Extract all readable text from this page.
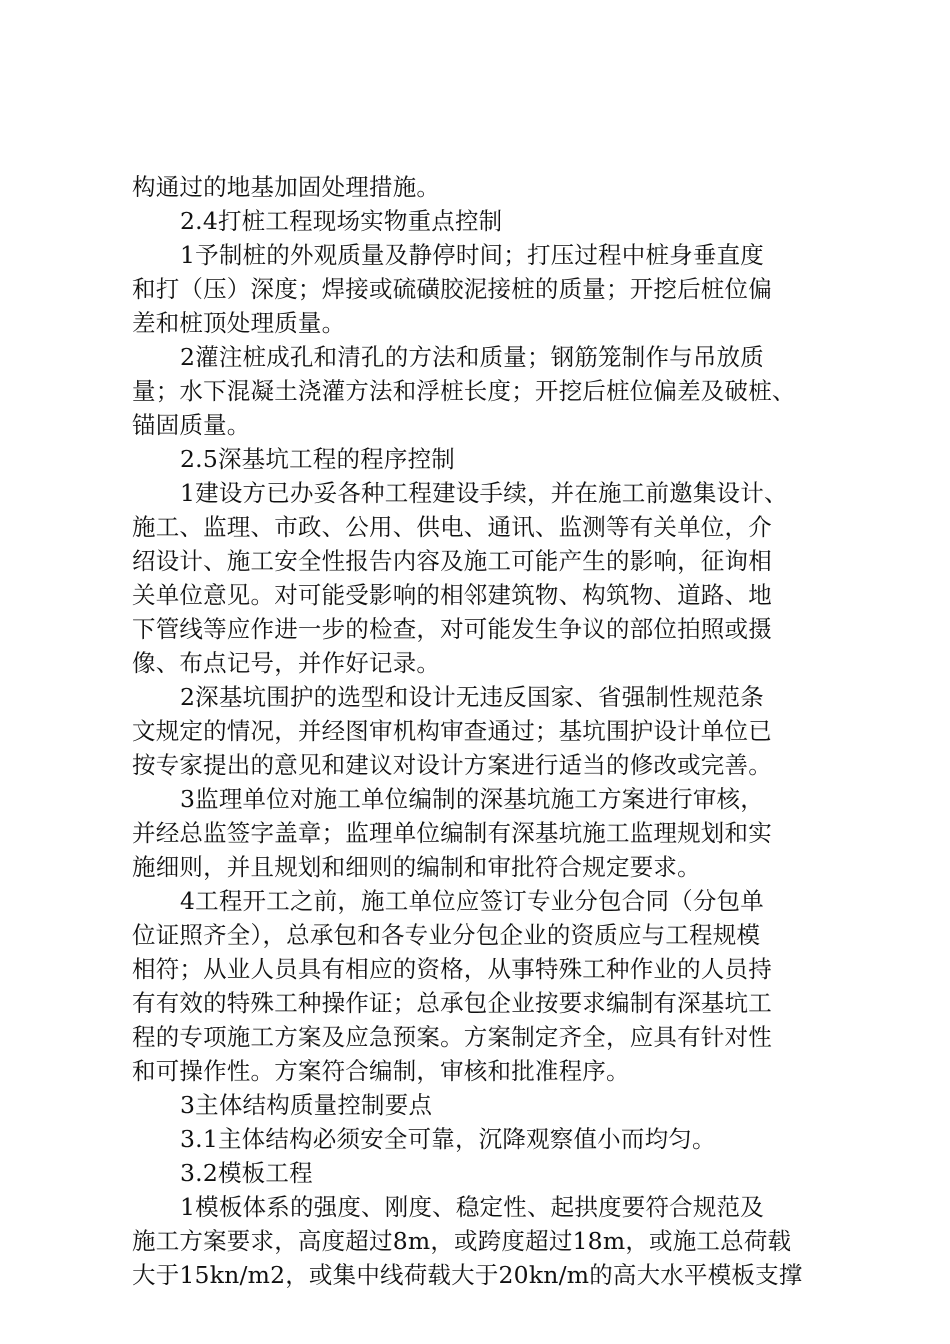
构通过的地基加固处理措施。
2.4打桩工程现场实物重点控制
1予制桩的外观质量及静停时间；打压过程中桩身垂直度
和打（压）深度；焊接或硫磺胶泥接桩的质量；开挖后桩位偏
差和桩顶处理质量。
2灌注桩成孔和清孔的方法和质量；钢筋笼制作与吊放质
量；水下混凝土浇灌方法和浮桩长度；开挖后桩位偏差及破桩、
锚固质量。
2.5深基坑工程的程序控制
1建设方已办妥各种工程建设手续，并在施工前邀集设计、
施工、监理、市政、公用、供电、通讯、监测等有关单位，介
绍设计、施工安全性报告内容及施工可能产生的影响，征询相
关单位意见。对可能受影响的相邻建筑物、构筑物、道路、地
下管线等应作进一步的检查，对可能发生争议的部位拍照或摄
像、布点记号，并作好记录。
2深基坑围护的选型和设计无违反国家、省强制性规范条
文规定的情况，并经图审机构审查通过；基坑围护设计单位已
按专家提出的意见和建议对设计方案进行适当的修改或完善。
3监理单位对施工单位编制的深基坑施工方案进行审核，
并经总监签字盖章；监理单位编制有深基坑施工监理规划和实
施细则，并且规划和细则的编制和审批符合规定要求。
4工程开工之前，施工单位应签订专业分包合同（分包单
位证照齐全），总承包和各专业分包企业的资质应与工程规模
相符；从业人员具有相应的资格，从事特殊工种作业的人员持
有有效的特殊工种操作证；总承包企业按要求编制有深基坑工
程的专项施工方案及应急预案。方案制定齐全，应具有针对性
和可操作性。方案符合编制，审核和批准程序。
3主体结构质量控制要点
3.1主体结构必须安全可靠，沉降观察值小而均匀。
3.2模板工程
1模板体系的强度、刚度、稳定性、起拱度要符合规范及
施工方案要求，高度超过8m，或跨度超过18m，或施工总荷载
大于15kn/m2，或集中线荷载大于20kn/m的高大水平模板支撑
